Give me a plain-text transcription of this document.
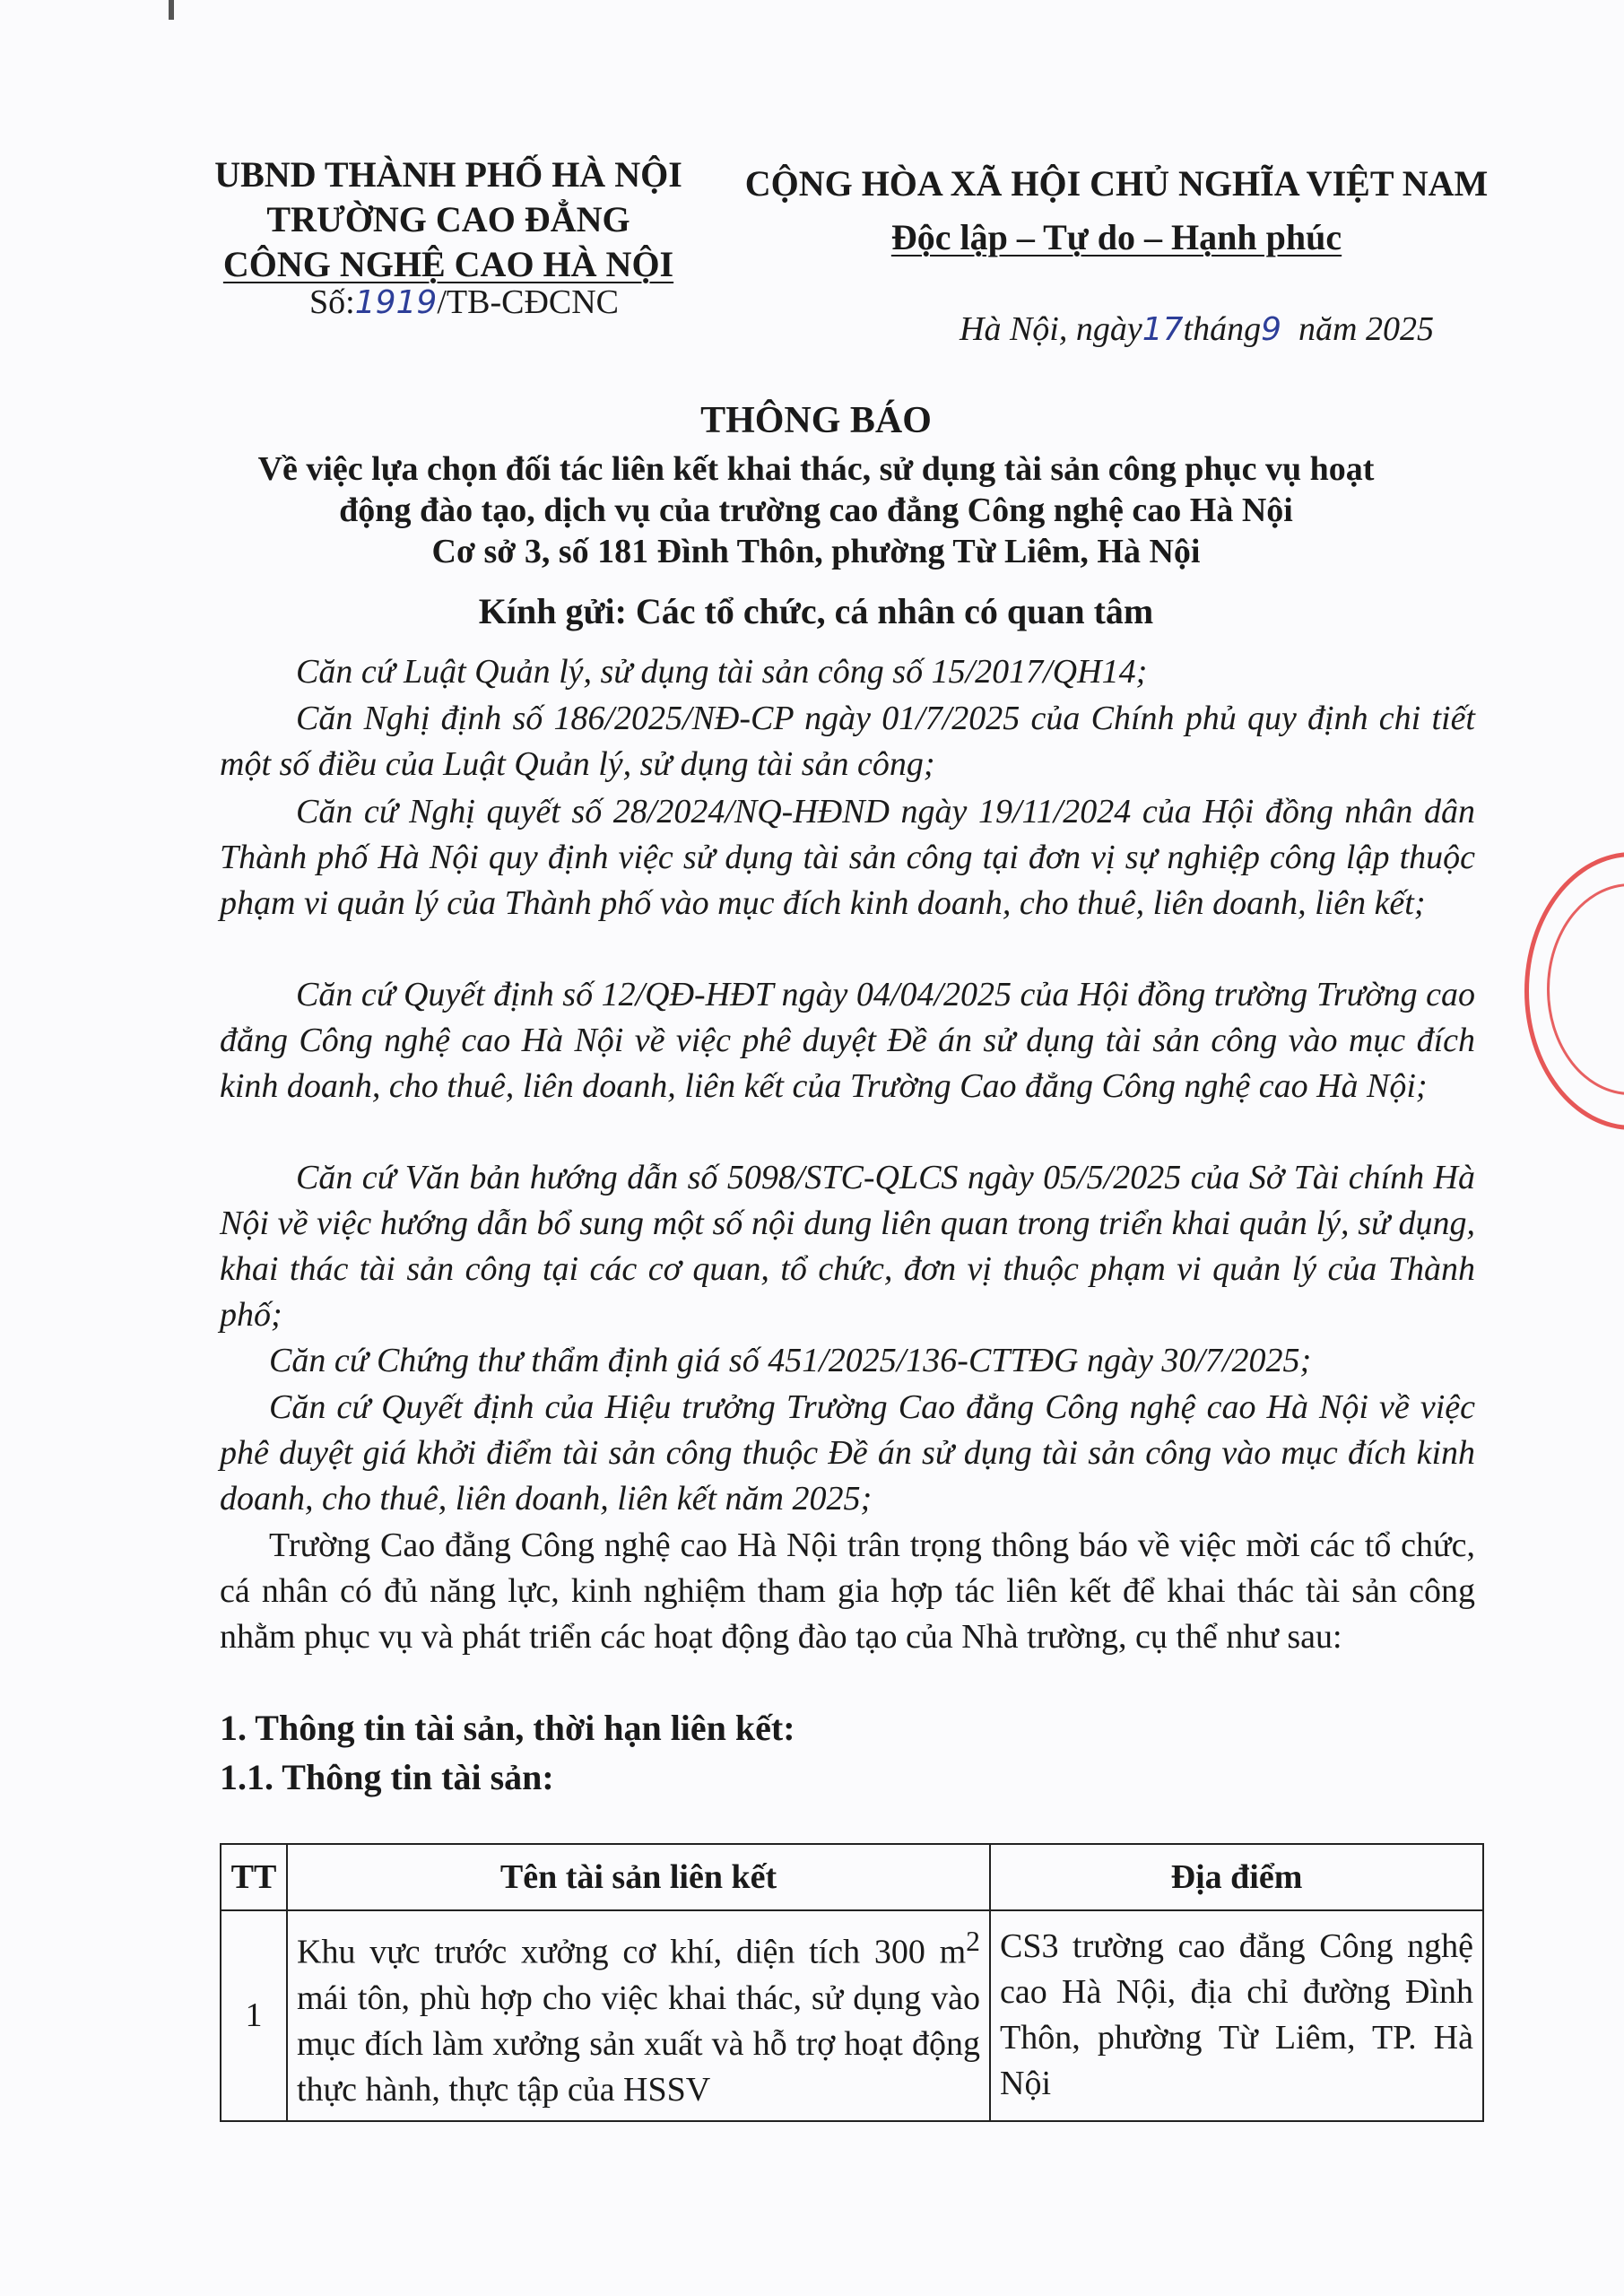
UBND THÀNH PHỐ HÀ NỘI
TRƯỜNG CAO ĐẲNG
CÔNG NGHỆ CAO HÀ NỘI
Số:1919/TB-CĐCNC
CỘNG HÒA XÃ HỘI CHỦ NGHĨA VIỆT NAM
Độc lập – Tự do – Hạnh phúc
Hà Nội, ngày17tháng9 năm 2025
THÔNG BÁO
Về việc lựa chọn đối tác liên kết khai thác, sử dụng tài sản công phục vụ hoạt
động đào tạo, dịch vụ của trường cao đẳng Công nghệ cao Hà Nội
Cơ sở 3, số 181 Đình Thôn, phường Từ Liêm, Hà Nội
Kính gửi: Các tổ chức, cá nhân có quan tâm

Căn cứ Luật Quản lý, sử dụng tài sản công số 15/2017/QH14;

Căn Nghị định số 186/2025/NĐ-CP ngày 01/7/2025 của Chính phủ quy định chi tiết một số điều của Luật Quản lý, sử dụng tài sản công;

Căn cứ Nghị quyết số 28/2024/NQ-HĐND ngày 19/11/2024 của Hội đồng nhân dân Thành phố Hà Nội quy định việc sử dụng tài sản công tại đơn vị sự nghiệp công lập thuộc phạm vi quản lý của Thành phố vào mục đích kinh doanh, cho thuê, liên doanh, liên kết;

Căn cứ Quyết định số 12/QĐ-HĐT ngày 04/04/2025 của Hội đồng trường Trường cao đẳng Công nghệ cao Hà Nội về việc phê duyệt Đề án sử dụng tài sản công vào mục đích kinh doanh, cho thuê, liên doanh, liên kết của Trường Cao đẳng Công nghệ cao Hà Nội;

Căn cứ Văn bản hướng dẫn số 5098/STC-QLCS ngày 05/5/2025 của Sở Tài chính Hà Nội về việc hướng dẫn bổ sung một số nội dung liên quan trong triển khai quản lý, sử dụng, khai thác tài sản công tại các cơ quan, tổ chức, đơn vị thuộc phạm vi quản lý của Thành phố;

Căn cứ Chứng thư thẩm định giá số 451/2025/136-CTTĐG ngày 30/7/2025;

Căn cứ Quyết định của Hiệu trưởng Trường Cao đẳng Công nghệ cao Hà Nội về việc phê duyệt giá khởi điểm tài sản công thuộc Đề án sử dụng tài sản công vào mục đích kinh doanh, cho thuê, liên doanh, liên kết năm 2025;

Trường Cao đẳng Công nghệ cao Hà Nội trân trọng thông báo về việc mời các tổ chức, cá nhân có đủ năng lực, kinh nghiệm tham gia hợp tác liên kết để khai thác tài sản công nhằm phục vụ và phát triển các hoạt động đào tạo của Nhà trường, cụ thể như sau:

1. Thông tin tài sản, thời hạn liên kết:

1.1. Thông tin tài sản:

TT	Tên tài sản liên kết	Địa điểm
1	Khu vực trước xưởng cơ khí, diện tích 300 $m^2$ mái tôn, phù hợp cho việc khai thác, sử dụng vào mục đích làm xưởng sản xuất và hỗ trợ hoạt động thực hành, thực tập của HSSV	CS3 trường cao đẳng Công nghệ cao Hà Nội, địa chỉ đường Đình Thôn, phường Từ Liêm, TP. Hà Nội
